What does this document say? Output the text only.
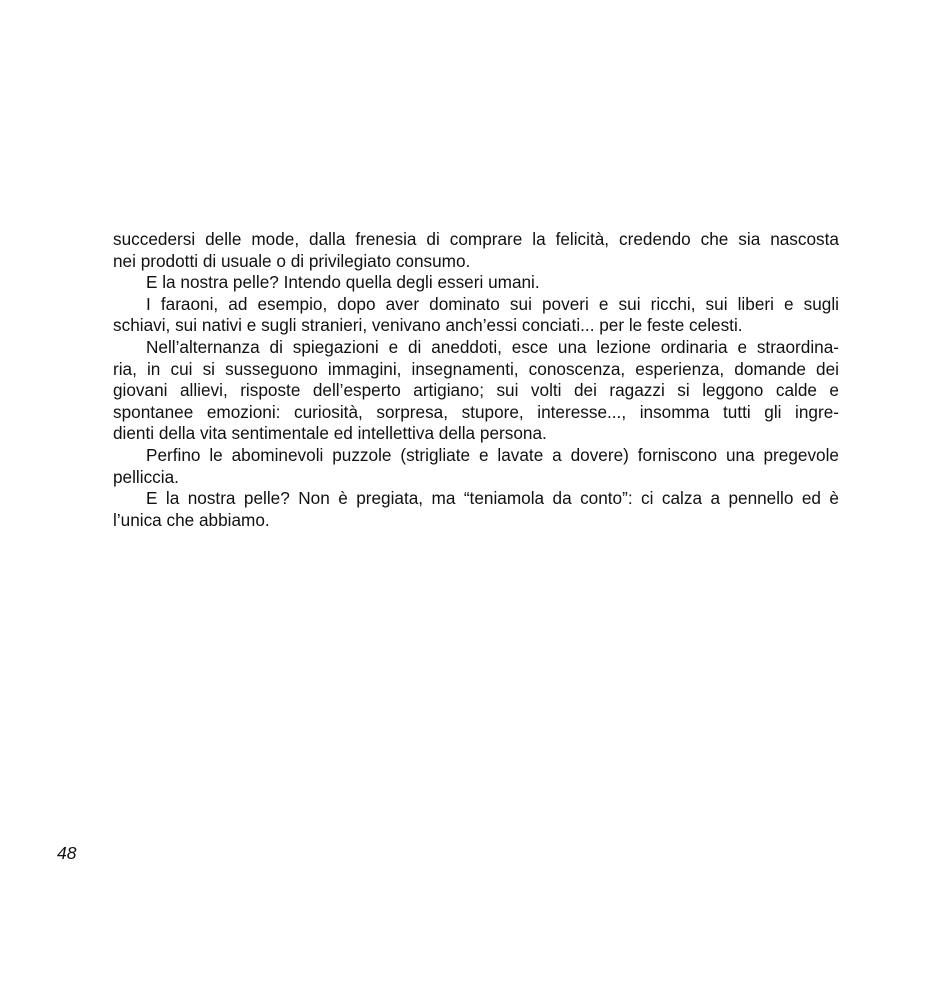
succedersi delle mode, dalla frenesia di comprare la felicità, credendo che sia nascosta
nei prodotti di usuale o di privilegiato consumo.
E la nostra pelle? Intendo quella degli esseri umani.
I faraoni, ad esempio, dopo aver dominato sui poveri e sui ricchi, sui liberi e sugli
schiavi, sui nativi e sugli stranieri, venivano anch’essi conciati... per le feste celesti.
Nell’alternanza di spiegazioni e di aneddoti, esce una lezione ordinaria e straordina-
ria, in cui si susseguono immagini, insegnamenti, conoscenza, esperienza, domande dei
giovani allievi, risposte dell’esperto artigiano; sui volti dei ragazzi si leggono calde e
spontanee emozioni: curiosità, sorpresa, stupore, interesse..., insomma tutti gli ingre-
dienti della vita sentimentale ed intellettiva della persona.
Perfino le abominevoli puzzole (strigliate e lavate a dovere) forniscono una pregevole
pelliccia.
E la nostra pelle? Non è pregiata, ma “teniamola da conto”: ci calza a pennello ed è
l’unica che abbiamo.
48
